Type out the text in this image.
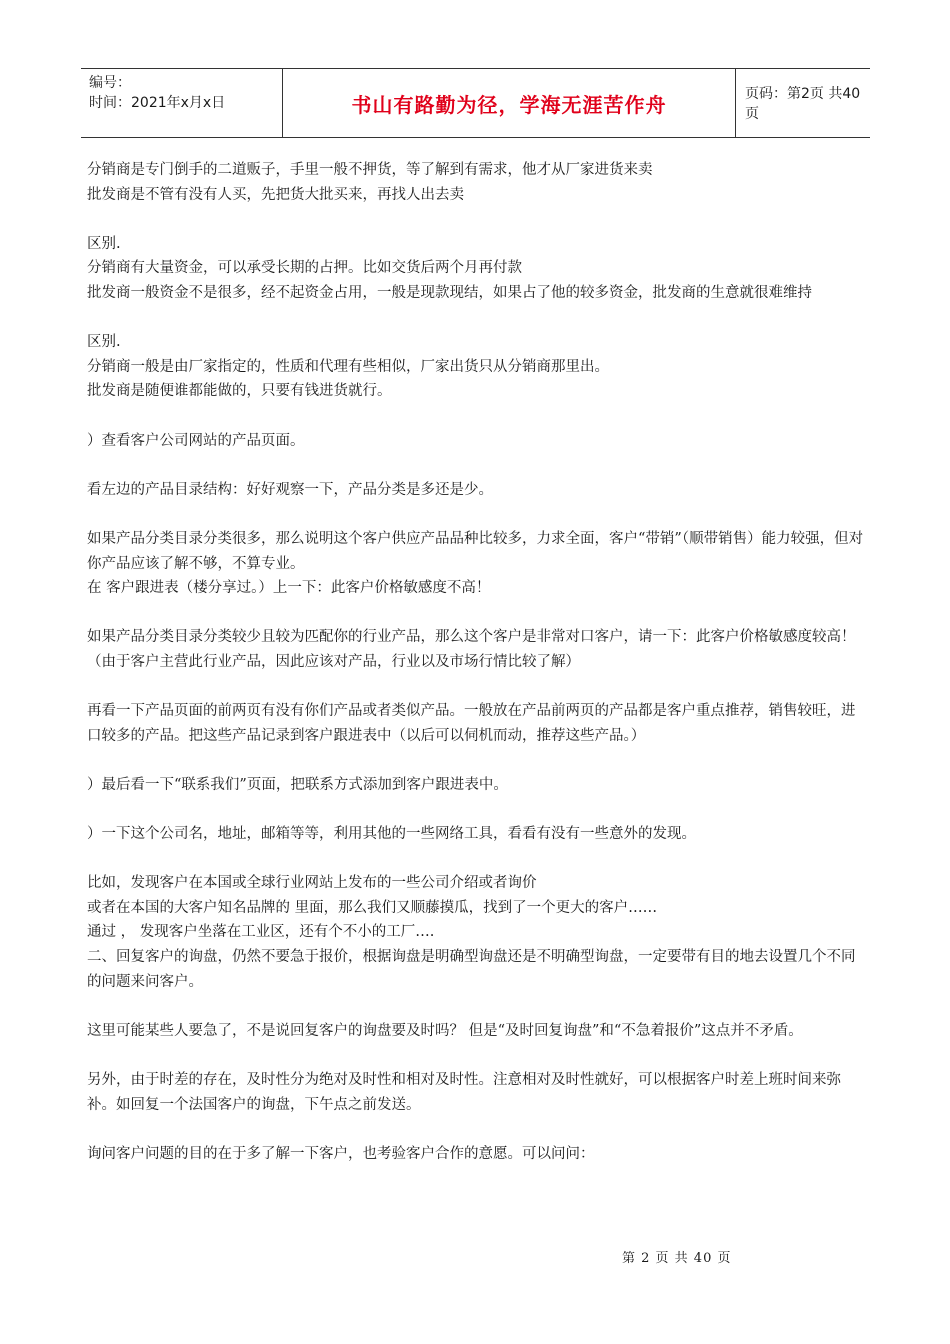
编号：
时间：2021年x月x日	书山有路勤为径，学海无涯苦作舟	页码：第2页 共40页

分销商是专门倒手的二道贩子，手里一般不押货，等了解到有需求，他才从厂家进货来卖

批发商是不管有没有人买，先把货大批买来，再找人出去卖

区别.

分销商有大量资金，可以承受长期的占押。比如交货后两个月再付款

批发商一般资金不是很多，经不起资金占用，一般是现款现结，如果占了他的较多资金，批发商的生意就很难维持

区别.

分销商一般是由厂家指定的，性质和代理有些相似，厂家出货只从分销商那里出。

批发商是随便谁都能做的，只要有钱进货就行。

）查看客户公司网站的产品页面。

看左边的产品目录结构：好好观察一下，产品分类是多还是少。

如果产品分类目录分类很多，那么说明这个客户供应产品品种比较多，力求全面，客户“带销”（顺带销售）能力较强，但对你产品应该了解不够，不算专业。

在 客户跟进表（楼分享过。）上一下：此客户价格敏感度不高！

如果产品分类目录分类较少且较为匹配你的行业产品，那么这个客户是非常对口客户，请一下：此客户价格敏感度较高！（由于客户主营此行业产品，因此应该对产品，行业以及市场行情比较了解）

再看一下产品页面的前两页有没有你们产品或者类似产品。一般放在产品前两页的产品都是客户重点推荐，销售较旺，进口较多的产品。把这些产品记录到客户跟进表中（以后可以伺机而动，推荐这些产品。）

）最后看一下“联系我们”页面，把联系方式添加到客户跟进表中。

）一下这个公司名，地址，邮箱等等，利用其他的一些网络工具，看看有没有一些意外的发现。

比如，发现客户在本国或全球行业网站上发布的一些公司介绍或者询价

或者在本国的大客户知名品牌的 里面，那么我们又顺藤摸瓜，找到了一个更大的客户……

通过 ， 发现客户坐落在工业区，还有个不小的工厂….

二、回复客户的询盘，仍然不要急于报价，根据询盘是明确型询盘还是不明确型询盘，一定要带有目的地去设置几个不同的问题来问客户。

这里可能某些人要急了，不是说回复客户的询盘要及时吗？ 但是“及时回复询盘”和“不急着报价”这点并不矛盾。

另外，由于时差的存在，及时性分为绝对及时性和相对及时性。注意相对及时性就好，可以根据客户时差上班时间来弥补。如回复一个法国客户的询盘，下午点之前发送。

询问客户问题的目的在于多了解一下客户，也考验客户合作的意愿。可以问问：

第 2 页 共 40 页
